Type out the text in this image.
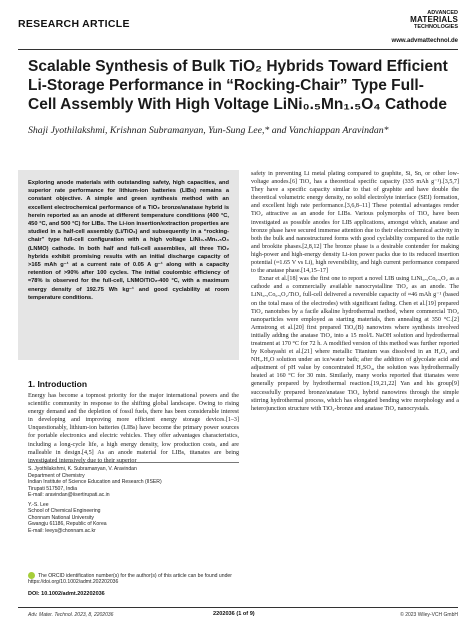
RESEARCH ARTICLE
ADVANCED
MATERIALS
TECHNOLOGIES
www.advmattechnol.de
Scalable Synthesis of Bulk TiO₂ Hybrids Toward Efficient Li-Storage Performance in “Rocking-Chair” Type Full-Cell Assembly With High Voltage LiNi₀.₅Mn₁.₅O₄ Cathode
Shaji Jyothilakshmi, Krishnan Subramanyan, Yun-Sung Lee,* and Vanchiappan Aravindan*

Exploring anode materials with outstanding safety, high capacities, and superior rate performance for lithium-ion batteries (LIBs) remains a constant objective. A simple and green synthesis method with an excellent electrochemical performance of a TiO₂ bronze/anatase hybrid is herein reported as an anode at different temperature conditions (400 °C, 450 °C, and 500 °C) for LIBs. The Li-ion insertion/extraction properties are studied in a half-cell assembly (Li/TiO₂) and subsequently in a “rocking-chair” type full-cell configuration with a high voltage LiNi₀.₅Mn₁.₅O₄ (LNMO) cathode. In both half and full-cell assemblies, all three TiO₂ hybrids exhibit promising results with an initial discharge capacity of >165 mAh g⁻¹ at a current rate of 0.05 A g⁻¹ along with a capacity retention of >90% after 100 cycles. The initial coulombic efficiency of ≈78% is observed for the full-cell, LNMO/TiO₂-400 °C, with a maximum energy density of 192.75 Wh kg⁻¹ and good cyclability at room temperature conditions.

safety in preventing Li metal plating compared to graphite, Si, Sn, or other low-voltage anodes.[6] TiO₂ has a theoretical specific capacity (335 mAh g⁻¹).[3,5,7] They have a specific capacity similar to that of graphite and have double the theoretical volumetric energy density, no solid electrolyte interface (SEI) formation, and excellent high rate performance.[3,6,8–11] These potential advantages render TiO₂ attractive as an anode for LIBs. Various polymorphs of TiO₂ have been investigated as possible anodes for LIB applications, amongst which, anatase and bronze phase have secured immense attention due to their electrochemical activity in both the bulk and nanostructured forms with good cyclability compared to the rutile and brookite phases.[2,8,12] The bronze phase is a desirable contender for making high-power and high-energy density Li-ion power packs due to its reduced insertion potential (≈1.65 V vs Li), high reversibility, and high current performance compared to the anatase phase.[14,15–17]

Exnar et al.[18] was the first one to report a novel LIB using LiNi₀.₅Co₀.₅O₂ as a cathode and a commercially available nanocrystalline TiO₂ as an anode. The LiNi₀.₅Co₀.₅O₂/TiO₂ full-cell delivered a reversible capacity of ≈46 mAh g⁻¹ (based on the total mass of the electrodes) with significant fading. Chen et al.[19] prepared TiO₂ nanotubes by a facile alkaline hydrothermal method, where commercial TiO₂ nanoparticles were employed as starting materials, then annealing at 350 °C.[2] Armstrong et al.[20] first prepared TiO₂(B) nanowires where synthesis involved initially adding the anatase TiO₂ into a 15 mol/L NaOH solution and hydrothermal treatment at 170 °C for 72 h. A modified version of this method was further reported by Kobayashi et al.[21] where metallic Titanium was dissolved in an H₂O₂ and NH₃.H₂O solution under an ice/water bath; after the addition of glycolate acid and adjustment of pH value by concentrated H₂SO₄, the solution was hydrothermally heated at 160 °C for 30 min. Similarly, many works reported that titanates were generally prepared by hydrothermal reaction.[19,21,22] Yan and his group[9] successfully prepared bronze/anatase TiO₂ hybrid nanowires through the simple stirring hydrothermal process, which has elongated bending wire morphology and a heterojunction structure with TiO₂-bronze and anatase TiO₂ nanocrystals.

1. Introduction
Energy has become a topmost priority for the major international powers and the scientific community in response to the shifting global landscape. Owing to rising energy demand and the depletion of fossil fuels, there has been considerable interest in developing and improving more efficient energy storage devices.[1–3] Unquestionably, lithium-ion batteries (LIBs) have become the primary power sources for portable electronics and electric vehicles. They offer advantages characteristics, including a long-cycle life, a high energy density, low production costs, and are malleable in design.[4,5] As an anode material for LIBs, titanates are being investigated intensively due to their superior
S. Jyothilakshmi, K. Subramanyan, V. Aravindan
Department of Chemistry
Indian Institute of Science Education and Research (IISER)
Tirupati 517507, India
E-mail: aravindan@iisertirupati.ac.in
Y.-S. Lee
School of Chemical Engineering
Chonnam National University
Gwangju 61186, Republic of Korea
E-mail: leeys@chonnam.ac.kr
The ORCID identification number(s) for the author(s) of this article can be found under https://doi.org/10.1002/admt.202202036
DOI: 10.1002/admt.202202036
Adv. Mater. Technol. 2023, 8, 2202036	2202036 (1 of 9)	© 2023 Wiley-VCH GmbH
